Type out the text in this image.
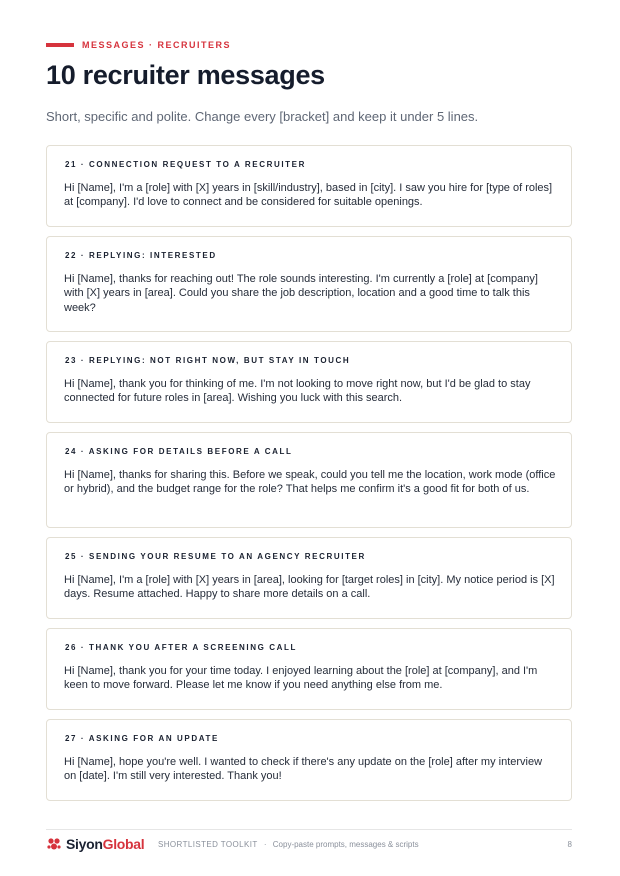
MESSAGES · RECRUITERS
10 recruiter messages
Short, specific and polite. Change every [bracket] and keep it under 5 lines.
21 · CONNECTION REQUEST TO A RECRUITER

Hi [Name], I'm a [role] with [X] years in [skill/industry], based in [city]. I saw you hire for [type of roles] at [company]. I'd love to connect and be considered for suitable openings.

22 · REPLYING: INTERESTED

Hi [Name], thanks for reaching out! The role sounds interesting. I'm currently a [role] at [company] with [X] years in [area]. Could you share the job description, location and a good time to talk this week?

23 · REPLYING: NOT RIGHT NOW, BUT STAY IN TOUCH

Hi [Name], thank you for thinking of me. I'm not looking to move right now, but I'd be glad to stay connected for future roles in [area]. Wishing you luck with this search.

24 · ASKING FOR DETAILS BEFORE A CALL

Hi [Name], thanks for sharing this. Before we speak, could you tell me the location, work mode (office or hybrid), and the budget range for the role? That helps me confirm it's a good fit for both of us.

25 · SENDING YOUR RESUME TO AN AGENCY RECRUITER

Hi [Name], I'm a [role] with [X] years in [area], looking for [target roles] in [city]. My notice period is [X] days. Resume attached. Happy to share more details on a call.

26 · THANK YOU AFTER A SCREENING CALL

Hi [Name], thank you for your time today. I enjoyed learning about the [role] at [company], and I'm keen to move forward. Please let me know if you need anything else from me.

27 · ASKING FOR AN UPDATE

Hi [Name], hope you're well. I wanted to check if there's any update on the [role] after my interview on [date]. I'm still very interested. Thank you!

Siyon Global SHORTLISTED TOOLKIT · Copy-paste prompts, messages & scripts	8
